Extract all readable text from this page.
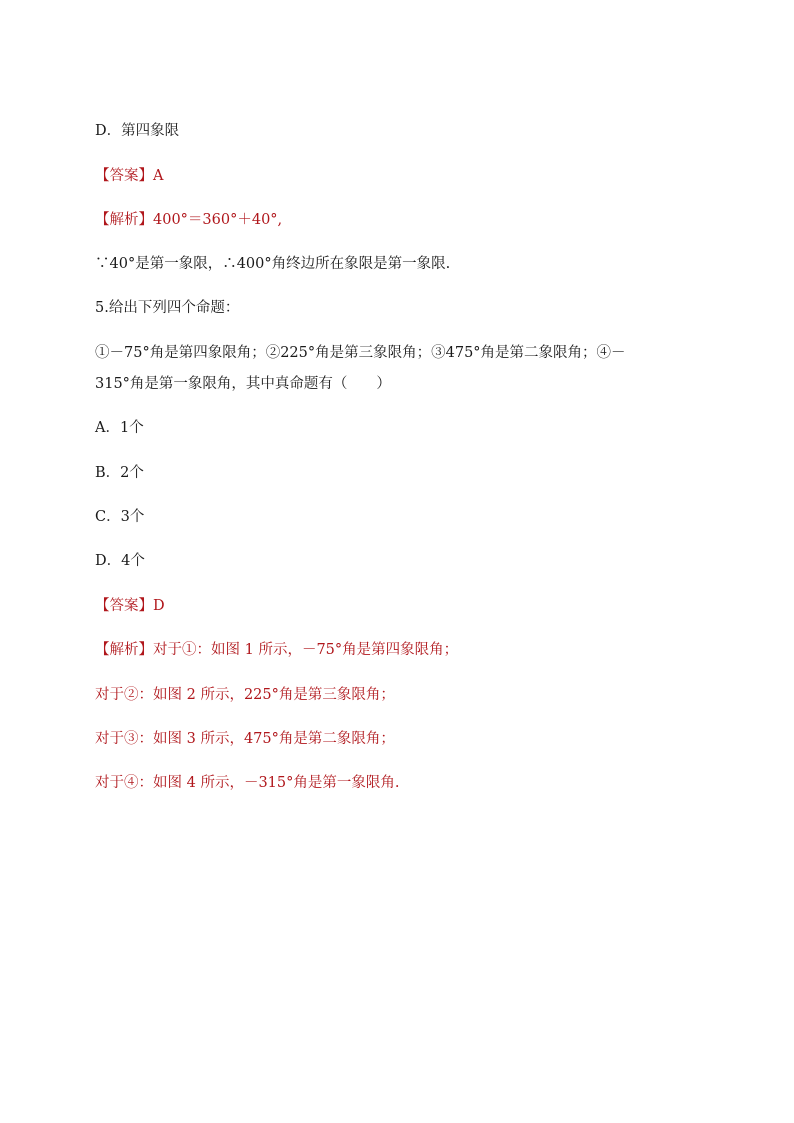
D．第四象限
【答案】A
【解析】400°＝360°＋40°,
∵40°是第一象限，∴400°角终边所在象限是第一象限.
5.给出下列四个命题：
①－75°角是第四象限角；②225°角是第三象限角；③475°角是第二象限角；④－
315°角是第一象限角，其中真命题有（　　）
A．1个
B．2个
C．3个
D．4个
【答案】D
【解析】对于①：如图 1 所示，－75°角是第四象限角；
对于②：如图 2 所示，225°角是第三象限角；
对于③：如图 3 所示，475°角是第二象限角；
对于④：如图 4 所示，－315°角是第一象限角.
